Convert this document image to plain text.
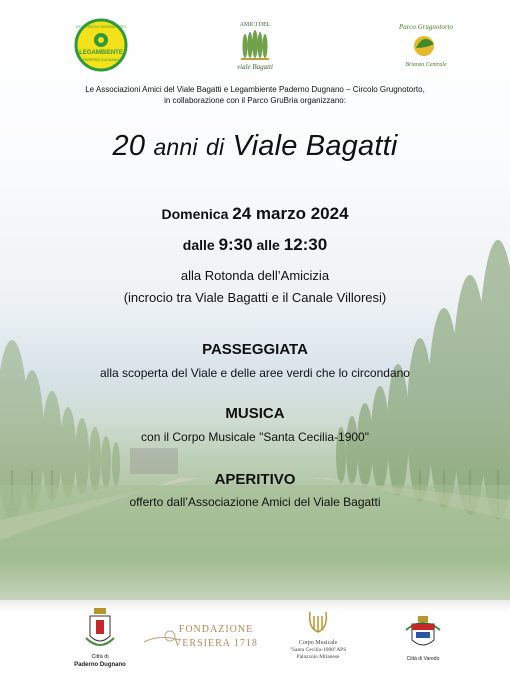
LEGAMBIENTE
PADERNO DUGNANO
A.P.S. CIRCOLO GRUGNOTORTO	AMICI DEL
viale Bagatti
Parco Grugnotorto
Brianza Centrale
Le Associazioni Amici del Viale Bagatti e Legambiente Paderno Dugnano – Circolo Grugnotorto,
in collaborazione con il Parco GruBria organizzano:
20 anni di Viale Bagatti
Domenica 24 marzo 2024
dalle 9:30 alle 12:30
alla Rotonda dell’Amicizia
(incrocio tra Viale Bagatti e il Canale Villoresi)
PASSEGGIATA
alla scoperta del Viale e delle aree verdi che lo circondano
MUSICA
con il Corpo Musicale "Santa Cecilia-1900"
APERITIVO
offerto dall’Associazione Amici del Viale Bagatti
Città di
Paderno Dugnano
FONDAZIONE
VERSIERA 1718	Corpo Musicale
"Santa Cecilia-1900"APS
Palazzolo Milanese	Città di Varedo
